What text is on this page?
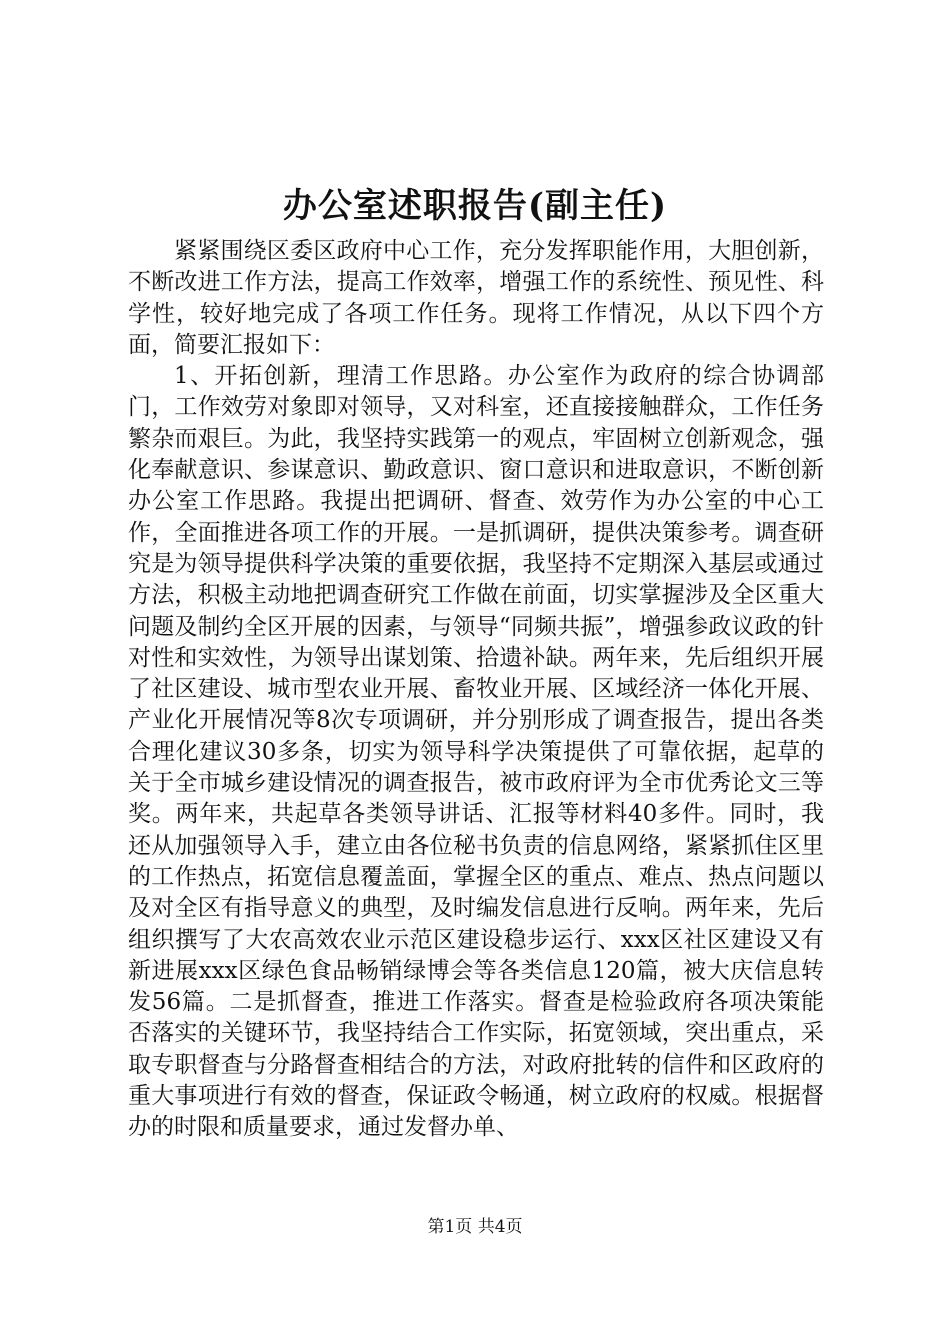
办公室述职报告(副主任)

紧紧围绕区委区政府中心工作，充分发挥职能作用，大胆创新，不断改进工作方法，提高工作效率，增强工作的系统性、预见性、科学性，较好地完成了各项工作任务。现将工作情况，从以下四个方面，简要汇报如下：

1、开拓创新，理清工作思路。办公室作为政府的综合协调部门，工作效劳对象即对领导，又对科室，还直接接触群众，工作任务繁杂而艰巨。为此，我坚持实践第一的观点，牢固树立创新观念，强化奉献意识、参谋意识、勤政意识、窗口意识和进取意识，不断创新办公室工作思路。我提出把调研、督查、效劳作为办公室的中心工作，全面推进各项工作的开展。一是抓调研，提供决策参考。调查研究是为领导提供科学决策的重要依据，我坚持不定期深入基层或通过　　方法，积极主动地把调查研究工作做在前面，切实掌握涉及全区重大问题及制约全区开展的因素，与领导“同频共振”，增强参政议政的针对性和实效性，为领导出谋划策、拾遗补缺。两年来，先后组织开展了社区建设、城市型农业开展、畜牧业开展、区域经济一体化开展、产业化开展情况等8次专项调研，并分别形成了调查报告，提出各类合理化建议30多条，切实为领导科学决策提供了可靠依据，起草的关于全市城乡建设情况的调查报告，被市政府评为全市优秀论文三等奖。两年来，共起草各类领导讲话、汇报等材料40多件。同时，我还从加强领导入手，建立由各位秘书负责的信息网络，紧紧抓住区里的工作热点，拓宽信息覆盖面，掌握全区的重点、难点、热点问题以及对全区有指导意义的典型，及时编发信息进行反响。两年来，先后组织撰写了大农高效农业示范区建设稳步运行、xxx区社区建设又有新进展xxx区绿色食品畅销绿博会等各类信息120篇，被大庆信息转发56篇。二是抓督查，推进工作落实。督查是检验政府各项决策能否落实的关键环节，我坚持结合工作实际，拓宽领域，突出重点，采取专职督查与分路督查相结合的方法，对政府批转的信件和区政府的重大事项进行有效的督查，保证政令畅通，树立政府的权威。根据督办的时限和质量要求，通过发督办单、

第1页 共4页
